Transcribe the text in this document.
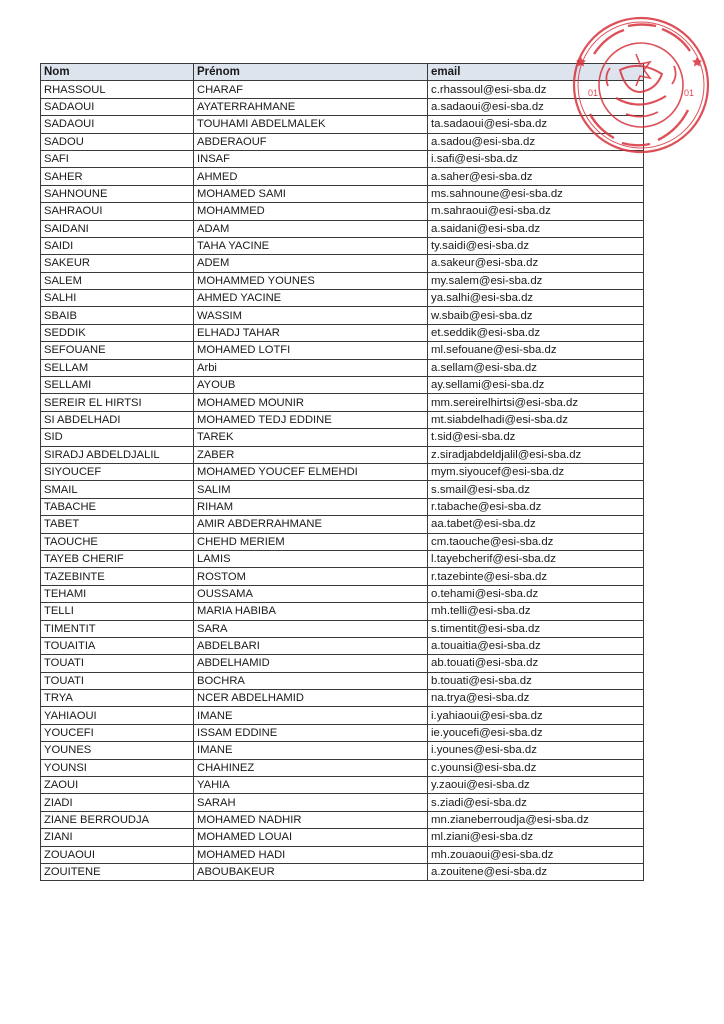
Nom	Prénom	email
RHASSOUL	CHARAF	c.rhassoul@esi-sba.dz
SADAOUI	AYATERRAHMANE	a.sadaoui@esi-sba.dz
SADAOUI	TOUHAMI ABDELMALEK	ta.sadaoui@esi-sba.dz
SADOU	ABDERAOUF	a.sadou@esi-sba.dz
SAFI	INSAF	i.safi@esi-sba.dz
SAHER	AHMED	a.saher@esi-sba.dz
SAHNOUNE	MOHAMED SAMI	ms.sahnoune@esi-sba.dz
SAHRAOUI	MOHAMMED	m.sahraoui@esi-sba.dz
SAIDANI	ADAM	a.saidani@esi-sba.dz
SAIDI	TAHA YACINE	ty.saidi@esi-sba.dz
SAKEUR	ADEM	a.sakeur@esi-sba.dz
SALEM	MOHAMMED YOUNES	my.salem@esi-sba.dz
SALHI	AHMED YACINE	ya.salhi@esi-sba.dz
SBAIB	WASSIM	w.sbaib@esi-sba.dz
SEDDIK	ELHADJ TAHAR	et.seddik@esi-sba.dz
SEFOUANE	MOHAMED LOTFI	ml.sefouane@esi-sba.dz
SELLAM	Arbi	a.sellam@esi-sba.dz
SELLAMI	AYOUB	ay.sellami@esi-sba.dz
SEREIR EL HIRTSI	MOHAMED MOUNIR	mm.sereirelhirtsi@esi-sba.dz
SI ABDELHADI	MOHAMED TEDJ EDDINE	mt.siabdelhadi@esi-sba.dz
SID	TAREK	t.sid@esi-sba.dz
SIRADJ ABDELDJALIL	ZABER	z.siradjabdeldjalil@esi-sba.dz
SIYOUCEF	MOHAMED YOUCEF ELMEHDI	mym.siyoucef@esi-sba.dz
SMAIL	SALIM	s.smail@esi-sba.dz
TABACHE	RIHAM	r.tabache@esi-sba.dz
TABET	AMIR ABDERRAHMANE	aa.tabet@esi-sba.dz
TAOUCHE	CHEHD MERIEM	cm.taouche@esi-sba.dz
TAYEB CHERIF	LAMIS	l.tayebcherif@esi-sba.dz
TAZEBINTE	ROSTOM	r.tazebinte@esi-sba.dz
TEHAMI	OUSSAMA	o.tehami@esi-sba.dz
TELLI	MARIA HABIBA	mh.telli@esi-sba.dz
TIMENTIT	SARA	s.timentit@esi-sba.dz
TOUAITIA	ABDELBARI	a.touaitia@esi-sba.dz
TOUATI	ABDELHAMID	ab.touati@esi-sba.dz
TOUATI	BOCHRA	b.touati@esi-sba.dz
TRYA	NCER ABDELHAMID	na.trya@esi-sba.dz
YAHIAOUI	IMANE	i.yahiaoui@esi-sba.dz
YOUCEFI	ISSAM EDDINE	ie.youcefi@esi-sba.dz
YOUNES	IMANE	i.younes@esi-sba.dz
YOUNSI	CHAHINEZ	c.younsi@esi-sba.dz
ZAOUI	YAHIA	y.zaoui@esi-sba.dz
ZIADI	SARAH	s.ziadi@esi-sba.dz
ZIANE BERROUDJA	MOHAMED NADHIR	mn.zianeberroudja@esi-sba.dz
ZIANI	MOHAMED LOUAI	ml.ziani@esi-sba.dz
ZOUAOUI	MOHAMED HADI	mh.zouaoui@esi-sba.dz
ZOUITENE	ABOUBAKEUR	a.zouitene@esi-sba.dz
01	01
